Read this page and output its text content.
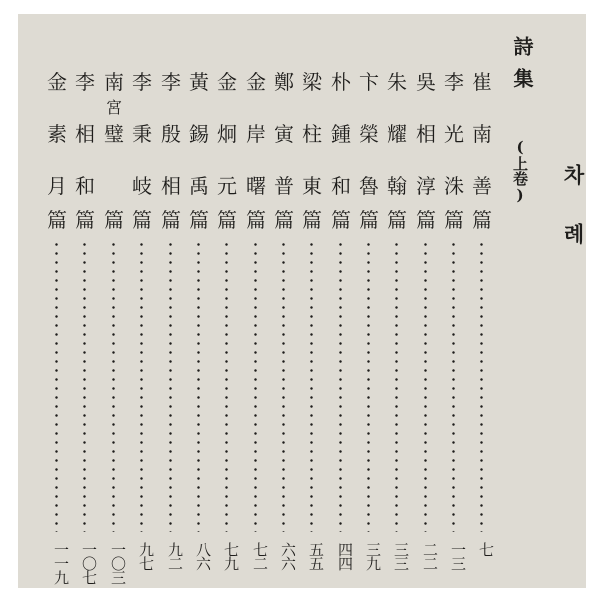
차례
詩集
(上卷)
崔
南
善
篇
七
李
光
洙
篇
一三
吳
相
淳
篇
二二
朱
耀
翰
篇
三三
卞
榮
魯
篇
三九
朴
鍾
和
篇
四四
梁
柱
東
篇
五五
鄭
寅
普
篇
六六
金
岸
曙
篇
七二
金
炯
元
篇
七九
黃
錫
禹
篇
八六
李
殷
相
篇
九二
李
秉
岐
篇
九七
南
宮
璧
篇
一〇三
李
相
和
篇
一〇七
金
素
月
篇
一一九
